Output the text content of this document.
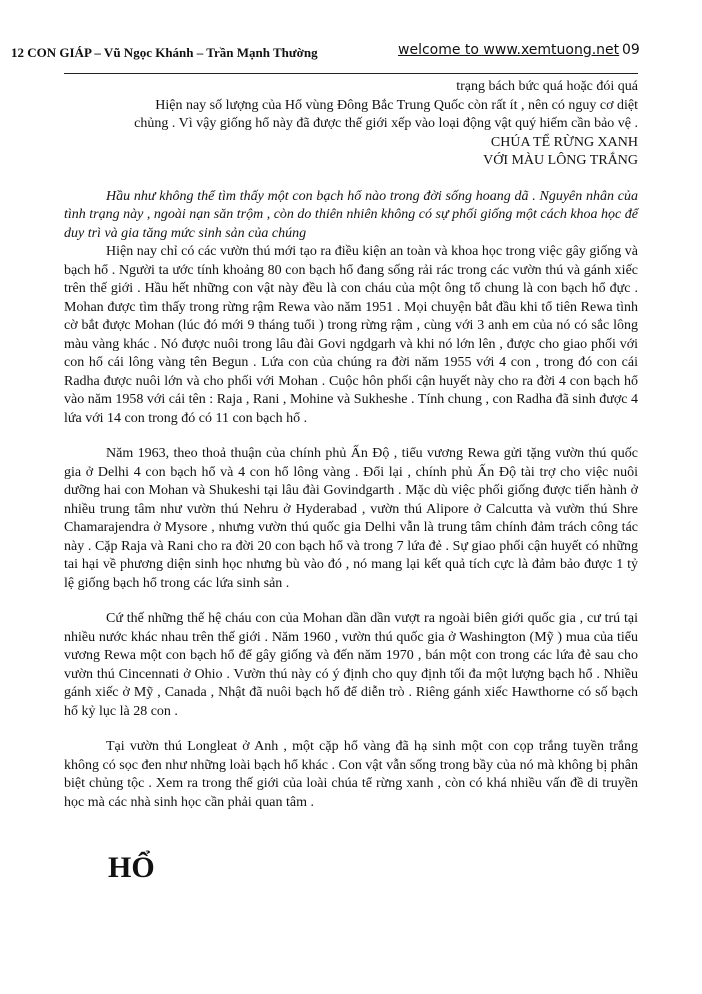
12 CON GIÁP – Vũ Ngọc Khánh – Trần Mạnh Thường	welcome to www.xemtuong.net 09
trạng bách bức quá hoặc đói quá
Hiện nay số lượng của Hổ vùng Đông Bắc Trung Quốc còn rất ít , nên có nguy cơ diệt
chủng . Vì vậy giống hổ này đã được thế giới xếp vào loại động vật quý hiếm cần bảo vệ .
CHÚA TỂ RỪNG XANH
VỚI MÀU LÔNG TRẮNG

Hầu như không thể tìm thấy một con bạch hổ nào trong đời sống hoang dã . Nguyên nhân của tình trạng này , ngoài nạn săn trộm , còn do thiên nhiên không có sự phối giống một cách khoa học để duy trì và gia tăng mức sinh sản của chúng

Hiện nay chỉ có các vườn thú mới tạo ra điều kiện an toàn và khoa học trong việc gây giống và bạch hổ . Người ta ước tính khoảng 80 con bạch hổ đang sống rải rác trong các vườn thú và gánh xiếc trên thế giới . Hầu hết những con vật này đều là con cháu của một ông tổ chung là con bạch hổ đực . Mohan được tìm thấy trong rừng rậm Rewa vào năm 1951 . Mọi chuyện bắt đầu khi tổ tiên Rewa tình cờ bắt được Mohan (lúc đó mới 9 tháng tuổi ) trong rừng rậm , cùng với 3 anh em của nó có sắc lông màu vàng khác . Nó được nuôi trong lâu đài Govi ngdgarh và khi nó lớn lên , được cho giao phối với con hổ cái lông vàng tên Begun . Lứa con của chúng ra đời năm 1955 với 4 con , trong đó con cái Radha được nuôi lớn và cho phối với Mohan . Cuộc hôn phối cận huyết này cho ra đời 4 con bạch hổ vào năm 1958 với cái tên : Raja , Rani , Mohine và Sukheshe . Tính chung , con Radha đã sinh được 4 lứa với 14 con trong đó có 11 con bạch hổ .

Năm 1963, theo thoả thuận của chính phủ Ấn Độ , tiểu vương Rewa gửi tặng vườn thú quốc gia ở Delhi 4 con bạch hổ và 4 con hổ lông vàng . Đổi lại , chính phủ Ấn Độ tài trợ cho việc nuôi dưỡng hai con Mohan và Shukeshi tại lâu đài Govindgarth . Mặc dù việc phối giống được tiến hành ở nhiều trung tâm như vườn thú Nehru ở Hyderabad , vườn thú Alipore ở Calcutta và vườn thú Shre Chamarajendra ở Mysore , nhưng vườn thú quốc gia Delhi vẫn là trung tâm chính đảm trách công tác này . Cặp Raja và Rani cho ra đời 20 con bạch hổ và trong 7 lứa đẻ . Sự giao phối cận huyết có những tai hại về phương diện sinh học nhưng bù vào đó , nó mang lại kết quả tích cực là đảm bảo được 1 tỷ lệ giống bạch hổ trong các lứa sinh sản .

Cứ thế những thế hệ cháu con của Mohan dần dần vượt ra ngoài biên giới quốc gia , cư trú tại nhiều nước khác nhau trên thế giới . Năm 1960 , vườn thú quốc gia ở Washington (Mỹ ) mua của tiểu vương Rewa một con bạch hổ để gây giống và đến năm 1970 , bán một con trong các lứa đẻ sau cho vườn thú Cincennati ở Ohio . Vườn thú này có ý định cho quy định tối đa một lượng bạch hổ . Nhiều gánh xiếc ở Mỹ , Canada , Nhật đã nuôi bạch hổ để diễn trò . Riêng gánh xiếc Hawthorne có số bạch hổ kỷ lục là 28 con .

Tại vườn thú Longleat ở Anh , một cặp hổ vàng đã hạ sinh một con cọp trắng tuyền trắng không có sọc đen như những loài bạch hổ khác . Con vật vẫn sống trong bầy của nó mà không bị phân biệt chủng tộc . Xem ra trong thế giới của loài chúa tể rừng xanh , còn có khá nhiều vấn đề di truyền học mà các nhà sinh học cần phải quan tâm .

HỔ
